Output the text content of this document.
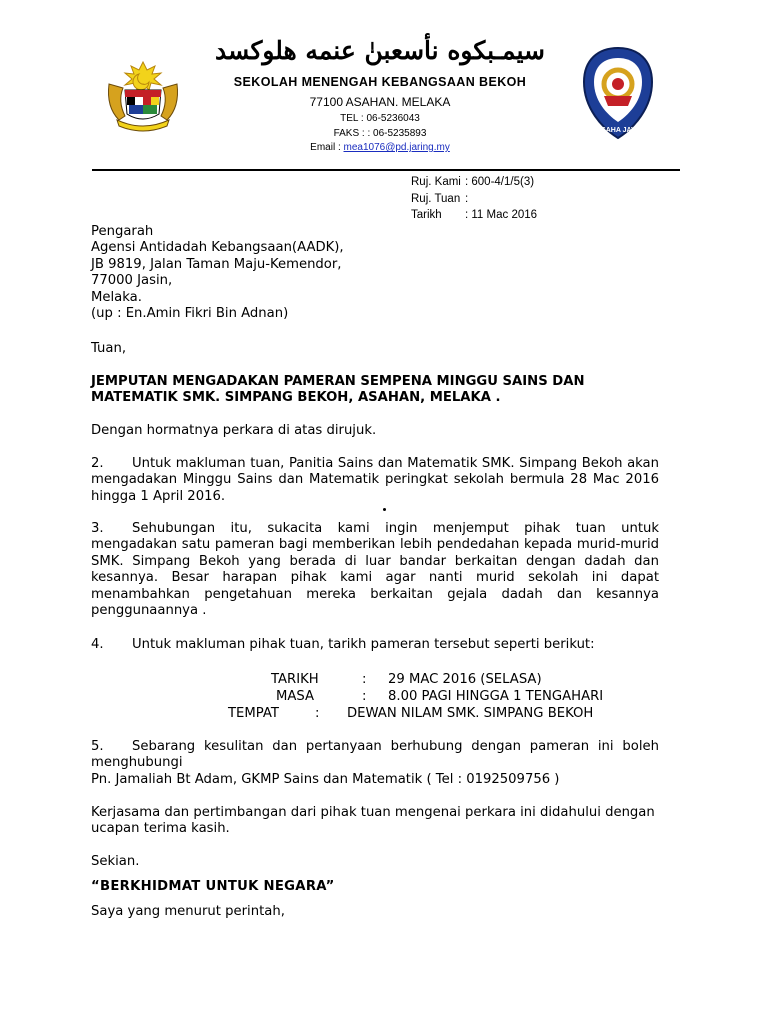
USAHA JAYA
سيمـبكوه نأسعبنٰ عنمه هلوكسد
SEKOLAH MENENGAH KEBANGSAAN BEKOH
77100 ASAHAN. MELAKA
TEL : 06-5236043
FAKS : : 06-5235893
Email : mea1076@pd.jaring.my
Ruj. Kami : 600-4/1/5(3)
Ruj. Tuan :
Tarikh : 11 Mac 2016
Pengarah
Agensi Antidadah Kebangsaan(AADK),
JB 9819, Jalan Taman Maju-Kemendor,
77000 Jasin,
Melaka.
(up : En.Amin Fikri Bin Adnan)
Tuan,
JEMPUTAN MENGADAKAN PAMERAN SEMPENA MINGGU SAINS DAN MATEMATIK SMK. SIMPANG BEKOH, ASAHAN, MELAKA .
Dengan hormatnya perkara di atas dirujuk.
2. Untuk makluman tuan, Panitia Sains dan Matematik SMK. Simpang Bekoh akan mengadakan Minggu Sains dan Matematik peringkat sekolah bermula 28 Mac 2016 hingga 1 April 2016.
3. Sehubungan itu, sukacita kami ingin menjemput pihak tuan untuk mengadakan satu pameran bagi memberikan lebih pendedahan kepada murid-murid SMK. Simpang Bekoh yang berada di luar bandar berkaitan dengan dadah dan kesannya. Besar harapan pihak kami agar nanti murid sekolah ini dapat menambahkan pengetahuan mereka berkaitan gejala dadah dan kesannya penggunaannya .
4. Untuk makluman pihak tuan, tarikh pameran tersebut seperti berikut:
TARIKH	: 29 MAC 2016 (SELASA)
MASA	: 8.00 PAGI HINGGA 1 TENGAHARI
TEMPAT	: DEWAN NILAM SMK. SIMPANG BEKOH
5. Sebarang kesulitan dan pertanyaan berhubung dengan pameran ini boleh menghubungi
Pn. Jamaliah Bt Adam, GKMP Sains dan Matematik ( Tel : 0192509756 )
Kerjasama dan pertimbangan dari pihak tuan mengenai perkara ini didahului dengan ucapan terima kasih.
Sekian.
“BERKHIDMAT UNTUK NEGARA”
Saya yang menurut perintah,
